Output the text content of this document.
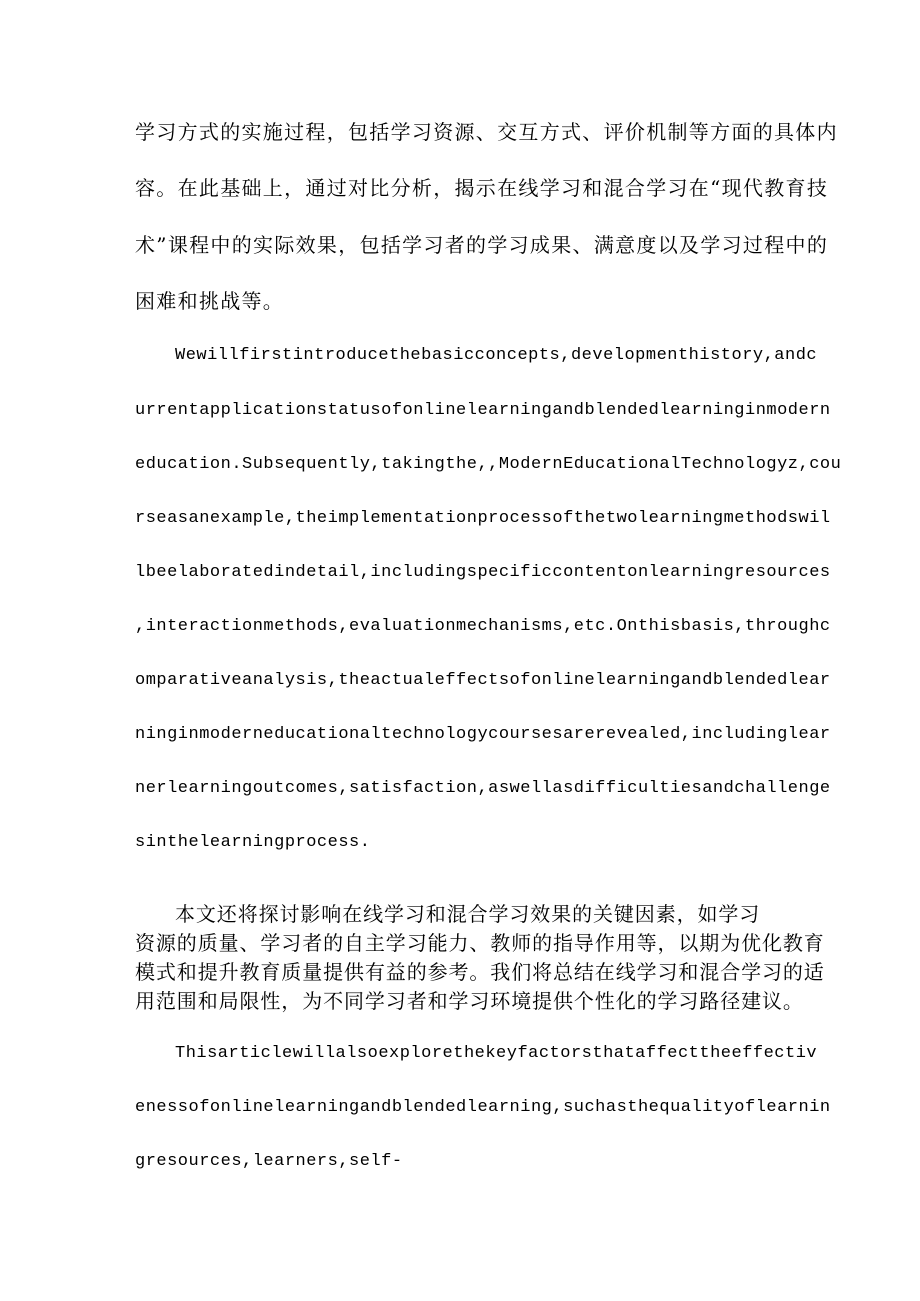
学习方式的实施过程，包括学习资源、交互方式、评价机制等方面的具体内

容。在此基础上，通过对比分析，揭示在线学习和混合学习在“现代教育技

术”课程中的实际效果，包括学习者的学习成果、满意度以及学习过程中的

困难和挑战等。

Wewillfirstintroducethebasicconcepts,developmenthistory,andc

urrentapplicationstatusofonlinelearningandblendedlearninginmodern

education.Subsequently,takingthe,,ModernEducationalTechnologyz,cou

rseasanexample,theimplementationprocessofthetwolearningmethodswil

lbeelaboratedindetail,includingspecificcontentonlearningresources

,interactionmethods,evaluationmechanisms,etc.Onthisbasis,throughc

omparativeanalysis,theactualeffectsofonlinelearningandblendedlear

ninginmoderneducationaltechnologycoursesarerevealed,includinglear

nerlearningoutcomes,satisfaction,aswellasdifficultiesandchallenge

sinthelearningprocess.

本文还将探讨影响在线学习和混合学习效果的关键因素，如学习

资源的质量、学习者的自主学习能力、教师的指导作用等，以期为优化教育

模式和提升教育质量提供有益的参考。我们将总结在线学习和混合学习的适

用范围和局限性，为不同学习者和学习环境提供个性化的学习路径建议。

Thisarticlewillalsoexplorethekeyfactorsthataffecttheeffectiv

enessofonlinelearningandblendedlearning,suchasthequalityoflearnin

gresources,learners,self-
